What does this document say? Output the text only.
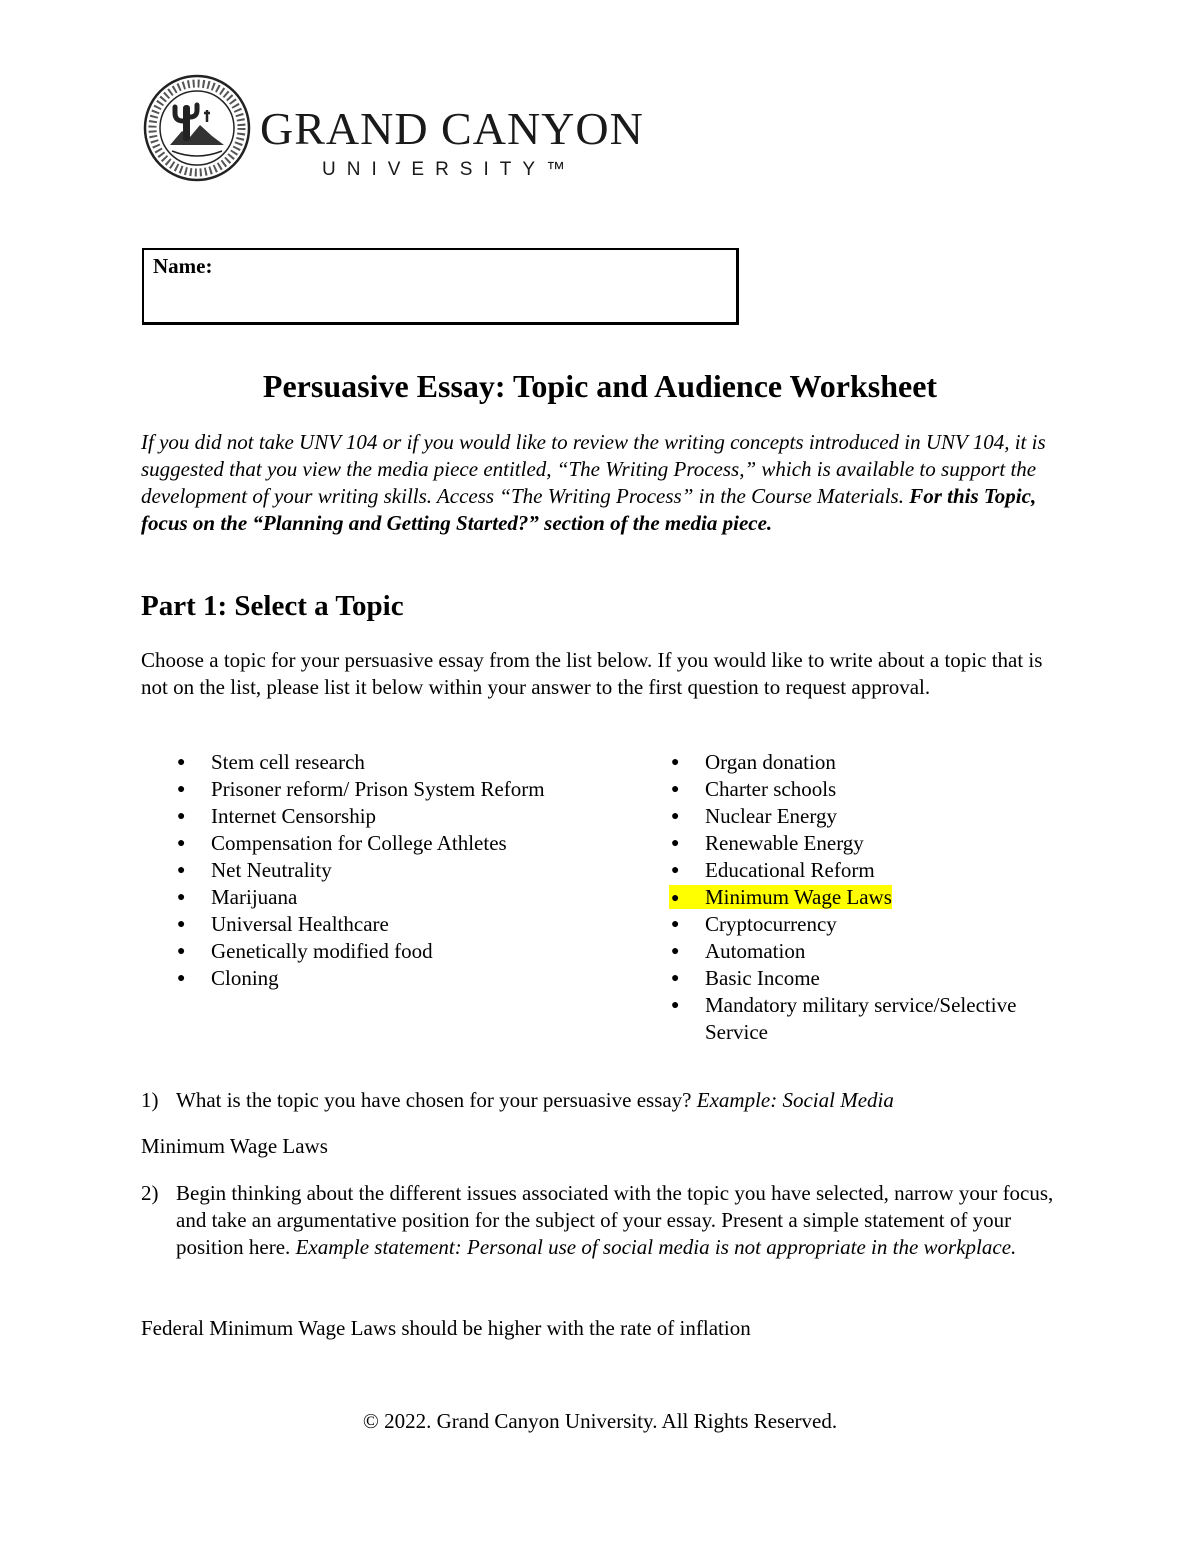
GRAND CANYON
UNIVERSITY™
Name:
Persuasive Essay: Topic and Audience Worksheet
If you did not take UNV 104 or if you would like to review the writing concepts introduced in UNV 104, it is suggested that you view the media piece entitled, “The Writing Process,” which is available to support the development of your writing skills. Access “The Writing Process” in the Course Materials. For this Topic, focus on the “Planning and Getting Started?” section of the media piece.
Part 1: Select a Topic
Choose a topic for your persuasive essay from the list below. If you would like to write about a topic that is not on the list, please list it below within your answer to the first question to request approval.
● Stem cell research
● Prisoner reform/ Prison System Reform
● Internet Censorship
● Compensation for College Athletes
● Net Neutrality
● Marijuana
● Universal Healthcare
● Genetically modified food
● Cloning
● Organ donation
● Charter schools
● Nuclear Energy
● Renewable Energy
● Educational Reform
● Minimum Wage Laws
● Cryptocurrency
● Automation
● Basic Income
● Mandatory military service/Selective Service
1) What is the topic you have chosen for your persuasive essay? Example: Social Media
Minimum Wage Laws
2) Begin thinking about the different issues associated with the topic you have selected, narrow your focus, and take an argumentative position for the subject of your essay. Present a simple statement of your position here. Example statement: Personal use of social media is not appropriate in the workplace.
Federal Minimum Wage Laws should be higher with the rate of inflation
© 2022. Grand Canyon University. All Rights Reserved.
